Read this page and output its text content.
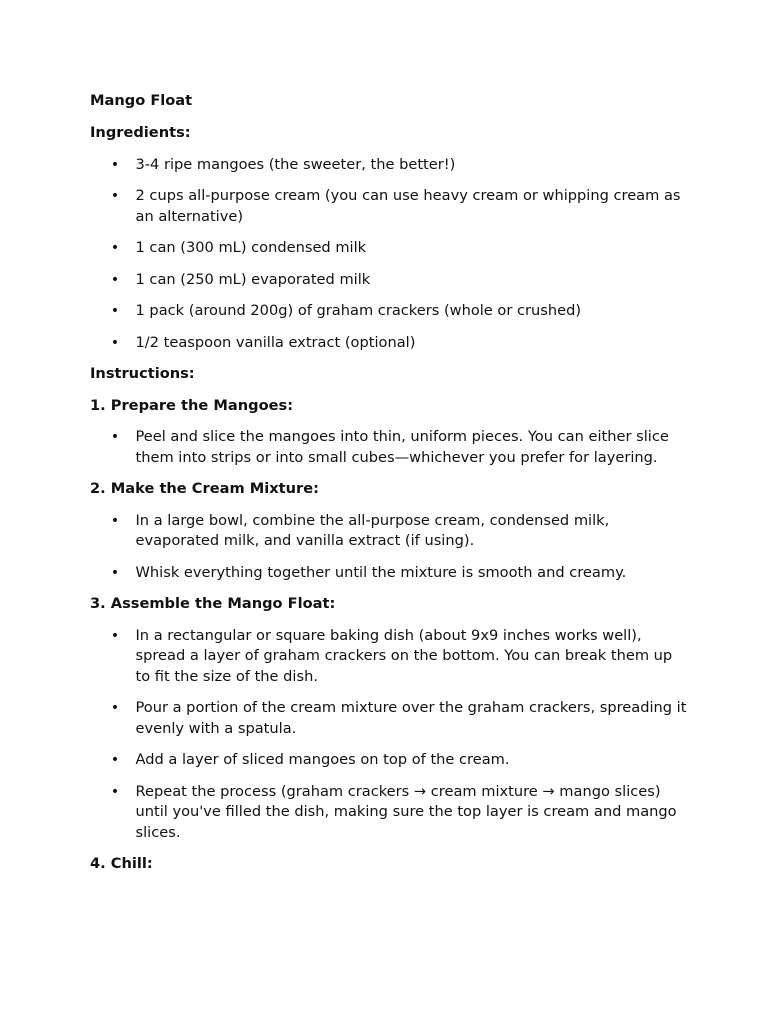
Mango Float
Ingredients:
• 3-4 ripe mangoes (the sweeter, the better!)
• 2 cups all-purpose cream (you can use heavy cream or whipping cream as an alternative)
• 1 can (300 mL) condensed milk
• 1 can (250 mL) evaporated milk
• 1 pack (around 200g) of graham crackers (whole or crushed)
• 1/2 teaspoon vanilla extract (optional)
Instructions:
1. Prepare the Mangoes:
• Peel and slice the mangoes into thin, uniform pieces. You can either slice them into strips or into small cubes—whichever you prefer for layering.
2. Make the Cream Mixture:
• In a large bowl, combine the all-purpose cream, condensed milk, evaporated milk, and vanilla extract (if using).
• Whisk everything together until the mixture is smooth and creamy.
3. Assemble the Mango Float:
• In a rectangular or square baking dish (about 9x9 inches works well), spread a layer of graham crackers on the bottom. You can break them up to fit the size of the dish.
• Pour a portion of the cream mixture over the graham crackers, spreading it evenly with a spatula.
• Add a layer of sliced mangoes on top of the cream.
• Repeat the process (graham crackers → cream mixture → mango slices) until you've filled the dish, making sure the top layer is cream and mango slices.
4. Chill:
